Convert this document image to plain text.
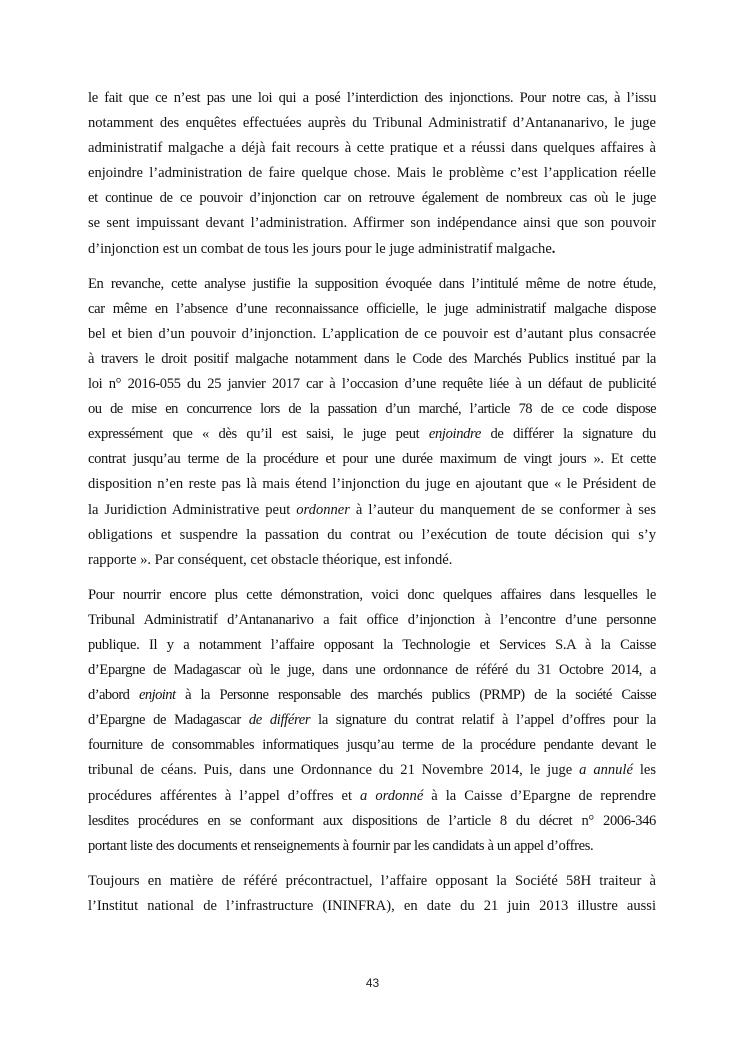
le fait que ce n’est pas une loi qui a posé l’interdiction des injonctions. Pour notre cas, à l’issu
notamment des enquêtes effectuées auprès du Tribunal Administratif d’Antananarivo, le juge
administratif malgache a déjà fait recours à cette pratique et a réussi dans quelques affaires à
enjoindre l’administration de faire quelque chose. Mais le problème c’est l’application réelle
et continue de ce pouvoir d’injonction car on retrouve également de nombreux cas où le juge
se sent impuissant devant l’administration. Affirmer son indépendance ainsi que son pouvoir
d’injonction est un combat de tous les jours pour le juge administratif malgache.

En revanche, cette analyse justifie la supposition évoquée dans l’intitulé même de notre étude,
car même en l’absence d’une reconnaissance officielle, le juge administratif malgache dispose
bel et bien d’un pouvoir d’injonction. L’application de ce pouvoir est d’autant plus consacrée
à travers le droit positif malgache notamment dans le Code des Marchés Publics institué par la
loi n° 2016-055 du 25 janvier 2017 car à l’occasion d’une requête liée à un défaut de publicité
ou de mise en concurrence lors de la passation d’un marché, l’article 78 de ce code dispose
expressément que « dès qu’il est saisi, le juge peut enjoindre de différer la signature du
contrat jusqu’au terme de la procédure et pour une durée maximum de vingt jours ». Et cette
disposition n’en reste pas là mais étend l’injonction du juge en ajoutant que « le Président de
la Juridiction Administrative peut ordonner à l’auteur du manquement de se conformer à ses
obligations et suspendre la passation du contrat ou l’exécution de toute décision qui s’y
rapporte ». Par conséquent, cet obstacle théorique, est infondé.

Pour nourrir encore plus cette démonstration, voici donc quelques affaires dans lesquelles le
Tribunal Administratif d’Antananarivo a fait office d’injonction à l’encontre d’une personne
publique. Il y a notamment l’affaire opposant la Technologie et Services S.A à la Caisse
d’Epargne de Madagascar où le juge, dans une ordonnance de référé du 31 Octobre 2014, a
d’abord enjoint à la Personne responsable des marchés publics (PRMP) de la société Caisse
d’Epargne de Madagascar de différer la signature du contrat relatif à l’appel d’offres pour la
fourniture de consommables informatiques jusqu’au terme de la procédure pendante devant le
tribunal de céans. Puis, dans une Ordonnance du 21 Novembre 2014, le juge a annulé les
procédures afférentes à l’appel d’offres et a ordonné à la Caisse d’Epargne de reprendre
lesdites procédures en se conformant aux dispositions de l’article 8 du décret n° 2006-346
portant liste des documents et renseignements à fournir par les candidats à un appel d’offres.

Toujours en matière de référé précontractuel, l’affaire opposant la Société 58H traiteur à
l’Institut national de l’infrastructure (ININFRA), en date du 21 juin 2013 illustre aussi

43
